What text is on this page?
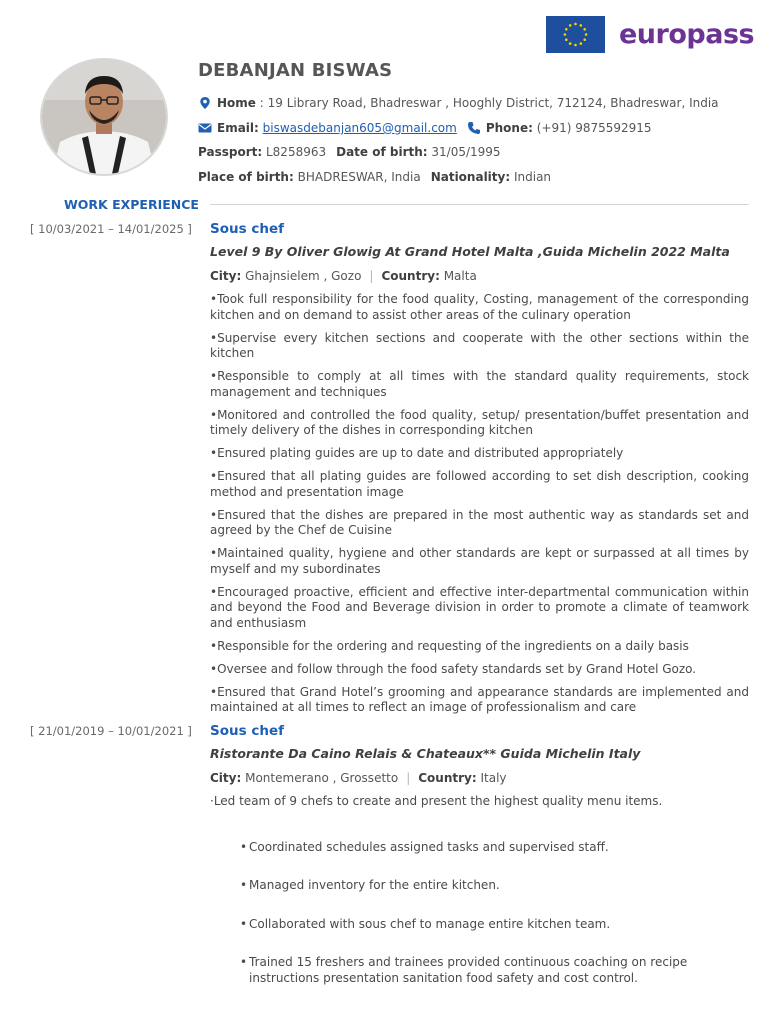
europass
DEBANJAN BISWAS
Home
: 19 Library Road, Bhadreswar , Hooghly District, 712124, Bhadreswar, India
Email:
biswasdebanjan605@gmail.com Phone:
(+91) 9875592915
Passport:
L8258963 Date of birth:
31/05/1995
Place of birth:
BHADRESWAR, India Nationality:
Indian
WORK EXPERIENCE
[ 10/03/2021 – 14/01/2025 ] Sous chef
Level 9 By Oliver Glowig At Grand Hotel Malta ,Guida Michelin 2022 Malta
City: Ghajnsielem , Gozo | Country: Malta

•Took full responsibility for the food quality, Costing, management of the corresponding kitchen and on demand to assist other areas of the culinary operation

•Supervise every kitchen sections and cooperate with the other sections within the kitchen

•Responsible to comply at all times with the standard quality requirements, stock management and techniques

•Monitored and controlled the food quality, setup/ presentation/buffet presentation and timely delivery of the dishes in corresponding kitchen

•Ensured plating guides are up to date and distributed appropriately

•Ensured that all plating guides are followed according to set dish description, cooking method and presentation image

•Ensured that the dishes are prepared in the most authentic way as standards set and agreed by the Chef de Cuisine

•Maintained quality, hygiene and other standards are kept or surpassed at all times by myself and my subordinates

•Encouraged proactive, efficient and effective inter-departmental communication within and beyond the Food and Beverage division in order to promote a climate of teamwork and enthusiasm

•Responsible for the ordering and requesting of the ingredients on a daily basis

•Oversee and follow through the food safety standards set by Grand Hotel Gozo.

•Ensured that Grand Hotel’s grooming and appearance standards are implemented and maintained at all times to reflect an image of professionalism and care

[ 21/01/2019 – 10/01/2021 ] Sous chef
Ristorante Da Caino Relais & Chateaux** Guida Michelin Italy
City: Montemerano , Grossetto | Country: Italy

·Led team of 9 chefs to create and present the highest quality menu items.

• Coordinated schedules assigned tasks and supervised staff.
• Managed inventory for the entire kitchen.
• Collaborated with sous chef to manage entire kitchen team.
• Trained 15 freshers and trainees provided continuous coaching on recipe instructions presentation sanitation food safety and cost control.
